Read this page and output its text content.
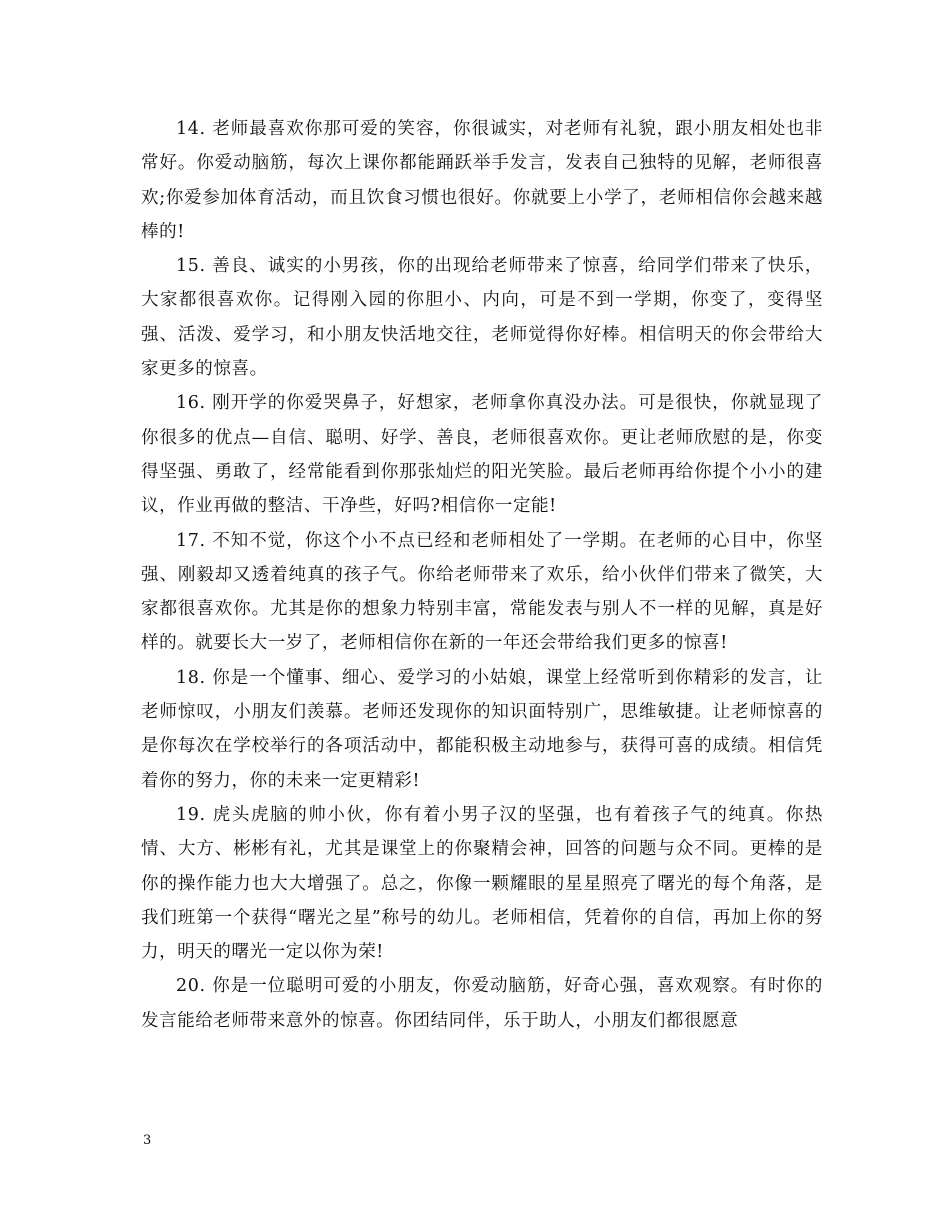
14. 老师最喜欢你那可爱的笑容，你很诚实，对老师有礼貌，跟小朋友相处也非常好。你爱动脑筋，每次上课你都能踊跃举手发言，发表自己独特的见解，老师很喜欢;你爱参加体育活动，而且饮食习惯也很好。你就要上小学了，老师相信你会越来越棒的!

15. 善良、诚实的小男孩，你的出现给老师带来了惊喜，给同学们带来了快乐，大家都很喜欢你。记得刚入园的你胆小、内向，可是不到一学期，你变了，变得坚强、活泼、爱学习，和小朋友快活地交往，老师觉得你好棒。相信明天的你会带给大家更多的惊喜。

16. 刚开学的你爱哭鼻子，好想家，老师拿你真没办法。可是很快，你就显现了你很多的优点—自信、聪明、好学、善良，老师很喜欢你。更让老师欣慰的是，你变得坚强、勇敢了，经常能看到你那张灿烂的阳光笑脸。最后老师再给你提个小小的建议，作业再做的整洁、干净些，好吗?相信你一定能!

17. 不知不觉，你这个小不点已经和老师相处了一学期。在老师的心目中，你坚强、刚毅却又透着纯真的孩子气。你给老师带来了欢乐，给小伙伴们带来了微笑，大家都很喜欢你。尤其是你的想象力特别丰富，常能发表与别人不一样的见解，真是好样的。就要长大一岁了，老师相信你在新的一年还会带给我们更多的惊喜!

18. 你是一个懂事、细心、爱学习的小姑娘，课堂上经常听到你精彩的发言，让老师惊叹，小朋友们羡慕。老师还发现你的知识面特别广，思维敏捷。让老师惊喜的是你每次在学校举行的各项活动中，都能积极主动地参与，获得可喜的成绩。相信凭着你的努力，你的未来一定更精彩!

19. 虎头虎脑的帅小伙，你有着小男子汉的坚强，也有着孩子气的纯真。你热情、大方、彬彬有礼，尤其是课堂上的你聚精会神，回答的问题与众不同。更棒的是你的操作能力也大大增强了。总之，你像一颗耀眼的星星照亮了曙光的每个角落，是我们班第一个获得“曙光之星”称号的幼儿。老师相信，凭着你的自信，再加上你的努力，明天的曙光一定以你为荣!

20. 你是一位聪明可爱的小朋友，你爱动脑筋，好奇心强，喜欢观察。有时你的发言能给老师带来意外的惊喜。你团结同伴，乐于助人，小朋友们都很愿意

3
